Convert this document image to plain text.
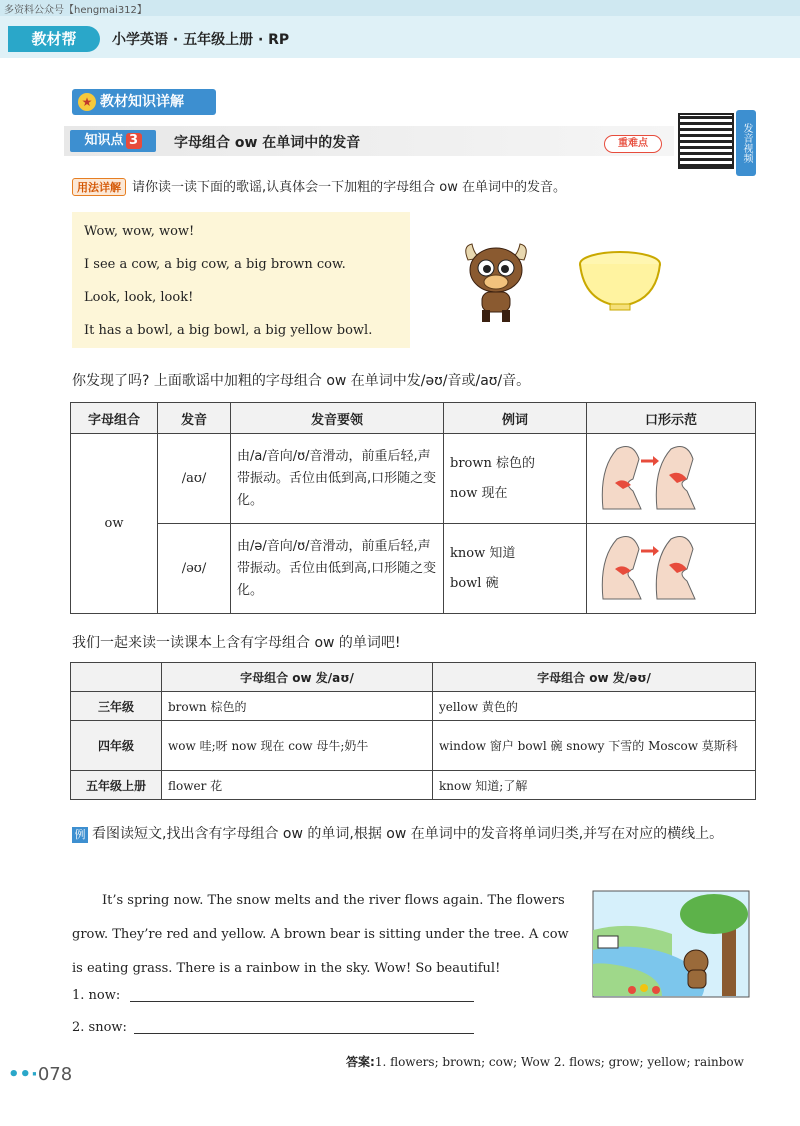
多资料公众号【hengmai312】
教材帮	小学英语 · 五年级上册 · RP
★ 教材知识详解
知识点 3	字母组合 ow 在单词中的发音	重难点	发音视频
用法详解 请你读一读下面的歌谣,认真体会一下加粗的字母组合 ow 在单词中的发音。
Wow, wow, wow!
I see a cow, a big cow, a big brown cow.
Look, look, look!
It has a bowl, a big bowl, a big yellow bowl.
你发现了吗? 上面歌谣中加粗的字母组合 ow 在单词中发/əʊ/音或/aʊ/音。
字母组合	发音	发音要领	例词	口形示范
ow	/aʊ/	由/a/音向/ʊ/音滑动，前重后轻,声带振动。舌位由低到高,口形随之变化。	brown 棕色的
now 现在	
	/əʊ/	由/ə/音向/ʊ/音滑动，前重后轻,声带振动。舌位由低到高,口形随之变化。	know 知道
bowl 碗	
我们一起来读一读课本上含有字母组合 ow 的单词吧!
	字母组合 ow 发/aʊ/	字母组合 ow 发/əʊ/
三年级	brown 棕色的	yellow 黄色的
四年级	wow 哇;呀 now 现在 cow 母牛;奶牛	window 窗户 bowl 碗 snowy 下雪的 Moscow 莫斯科
五年级上册	flower 花	know 知道;了解
例 看图读短文,找出含有字母组合 ow 的单词,根据 ow 在单词中的发音将单词归类,并写在对应的横线上。
It’s spring now. The snow melts and the river flows again. The flowers
grow. They’re red and yellow. A brown bear is sitting under the tree. A cow
is eating grass. There is a rainbow in the sky. Wow! So beautiful!
1. now:
2. snow:
答案:1. flowers; brown; cow; Wow 2. flows; grow; yellow; rainbow
••·078
